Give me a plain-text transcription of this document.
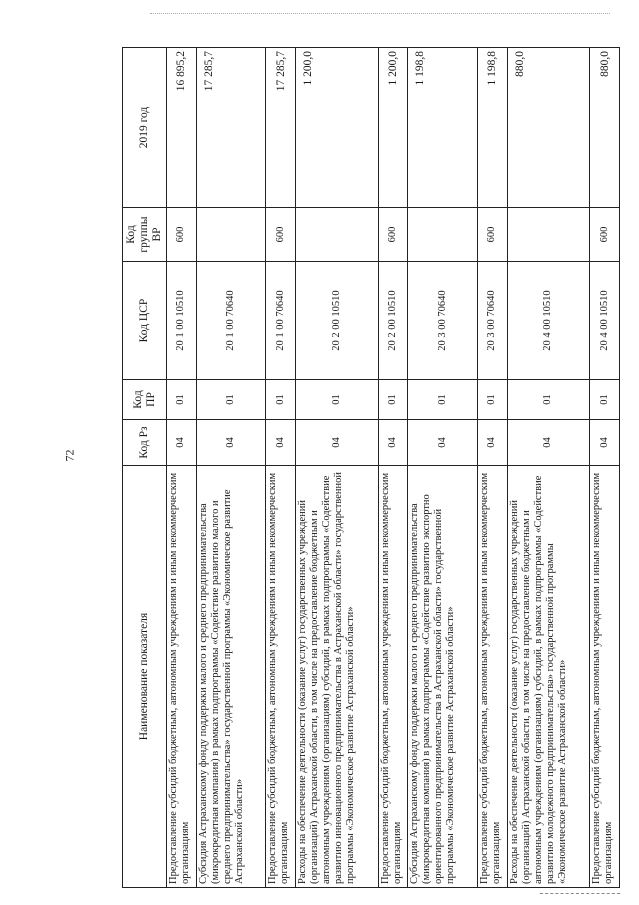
72
Наименование показателя	Код Рз	Код ПР	Код ЦСР	Код группы ВР	2019 год
Предоставление субсидий бюджетным, автономным учреждениям и иным некоммерческим организациям	04	01	20 1 00 10510	600	16 895,2
Субсидия Астраханскому фонду поддержки малого и среднего предпринимательства (микрокредитная компания) в рамках подпрограммы «Содействие развитию малого и среднего предпринимательства» государственной программы «Экономическое развитие Астраханской области»	04	01	20 1 00 70640		17 285,7
Предоставление субсидий бюджетным, автономным учреждениям и иным некоммерческим организациям	04	01	20 1 00 70640	600	17 285,7
Расходы на обеспечение деятельности (оказание услуг) государственных учреждений (организаций) Астраханской области, в том числе на предоставление бюджетным и автономным учреждениям (организациям) субсидий, в рамках подпрограммы «Содействие развитию инновационного предпринимательства в Астраханской области» государственной программы «Экономическое развитие Астраханской области»	04	01	20 2 00 10510		1 200,0
Предоставление субсидий бюджетным, автономным учреждениям и иным некоммерческим организациям	04	01	20 2 00 10510	600	1 200,0
Субсидия Астраханскому фонду поддержки малого и среднего предпринимательства (микрокредитная компания) в рамках подпрограммы «Содействие развитию экспортно ориентированного предпринимательства в Астраханской области» государственной программы «Экономическое развитие Астраханской области»	04	01	20 3 00 70640		1 198,8
Предоставление субсидий бюджетным, автономным учреждениям и иным некоммерческим организациям	04	01	20 3 00 70640	600	1 198,8
Расходы на обеспечение деятельности (оказание услуг) государственных учреждений (организаций) Астраханской области, в том числе на предоставление бюджетным и автономным учреждениям (организациям) субсидий, в рамках подпрограммы «Содействие развитию молодежного предпринимательства» государственной программы «Экономическое развитие Астраханской области»	04	01	20 4 00 10510		880,0
Предоставление субсидий бюджетным, автономным учреждениям и иным некоммерческим организациям	04	01	20 4 00 10510	600	880,0
